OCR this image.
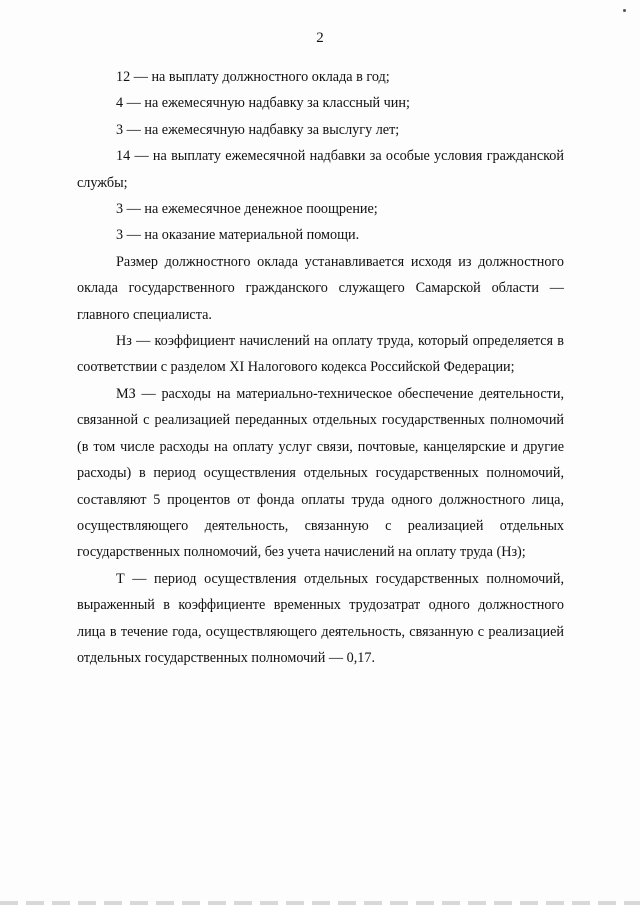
2

12 — на выплату должностного оклада в год;

4 — на ежемесячную надбавку за классный чин;

3 — на ежемесячную надбавку за выслугу лет;

14 — на выплату ежемесячной надбавки за особые условия гражданской службы;

3 — на ежемесячное денежное поощрение;

3 — на оказание материальной помощи.

Размер должностного оклада устанавливается исходя из должностного оклада государственного гражданского служащего Самарской области — главного специалиста.

Нз — коэффициент начислений на оплату труда, который определяется в соответствии с разделом XI Налогового кодекса Российской Федерации;

МЗ — расходы на материально-техническое обеспечение деятельности, связанной с реализацией переданных отдельных государственных полномочий (в том числе расходы на оплату услуг связи, почтовые, канцелярские и другие расходы) в период осуществления отдельных государственных полномочий, составляют 5 процентов от фонда оплаты труда одного должностного лица, осуществляющего деятельность, связанную с реализацией отдельных государственных полномочий, без учета начислений на оплату труда (Нз);

Т — период осуществления отдельных государственных полномочий, выраженный в коэффициенте временных трудозатрат одного должностного лица в течение года, осуществляющего деятельность, связанную с реализацией отдельных государственных полномочий — 0,17.
